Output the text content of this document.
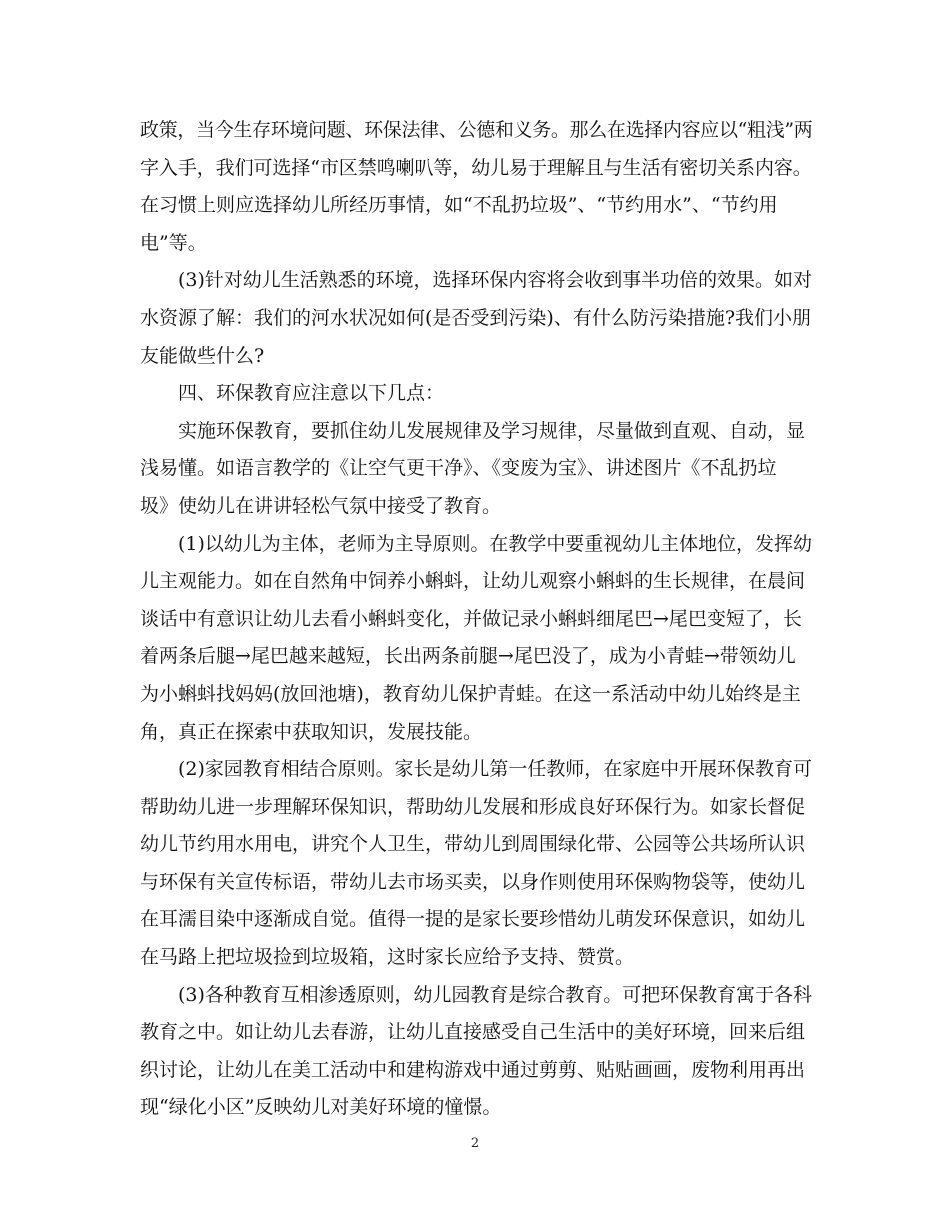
政策，当今生存环境问题、环保法律、公德和义务。那么在选择内容应以“粗浅”两
字入手，我们可选择“市区禁鸣喇叭等，幼儿易于理解且与生活有密切关系内容。
在习惯上则应选择幼儿所经历事情，如“不乱扔垃圾”、“节约用水”、“节约用
电”等。
(3)针对幼儿生活熟悉的环境，选择环保内容将会收到事半功倍的效果。如对
水资源了解：我们的河水状况如何(是否受到污染)、有什么防污染措施?我们小朋
友能做些什么?
四、环保教育应注意以下几点：
实施环保教育，要抓住幼儿发展规律及学习规律，尽量做到直观、自动，显
浅易懂。如语言教学的《让空气更干净》、《变废为宝》、讲述图片《不乱扔垃
圾》使幼儿在讲讲轻松气氛中接受了教育。
(1)以幼儿为主体，老师为主导原则。在教学中要重视幼儿主体地位，发挥幼
儿主观能力。如在自然角中饲养小蝌蚪，让幼儿观察小蝌蚪的生长规律，在晨间
谈话中有意识让幼儿去看小蝌蚪变化，并做记录小蝌蚪细尾巴→尾巴变短了，长
着两条后腿→尾巴越来越短，长出两条前腿→尾巴没了，成为小青蛙→带领幼儿
为小蝌蚪找妈妈(放回池塘)，教育幼儿保护青蛙。在这一系活动中幼儿始终是主
角，真正在探索中获取知识，发展技能。
(2)家园教育相结合原则。家长是幼儿第一任教师，在家庭中开展环保教育可
帮助幼儿进一步理解环保知识，帮助幼儿发展和形成良好环保行为。如家长督促
幼儿节约用水用电，讲究个人卫生，带幼儿到周围绿化带、公园等公共场所认识
与环保有关宣传标语，带幼儿去市场买卖，以身作则使用环保购物袋等，使幼儿
在耳濡目染中逐渐成自觉。值得一提的是家长要珍惜幼儿萌发环保意识，如幼儿
在马路上把垃圾捡到垃圾箱，这时家长应给予支持、赞赏。
(3)各种教育互相渗透原则，幼儿园教育是综合教育。可把环保教育寓于各科
教育之中。如让幼儿去春游，让幼儿直接感受自己生活中的美好环境，回来后组
织讨论，让幼儿在美工活动中和建构游戏中通过剪剪、贴贴画画，废物利用再出
现“绿化小区”反映幼儿对美好环境的憧憬。
2
